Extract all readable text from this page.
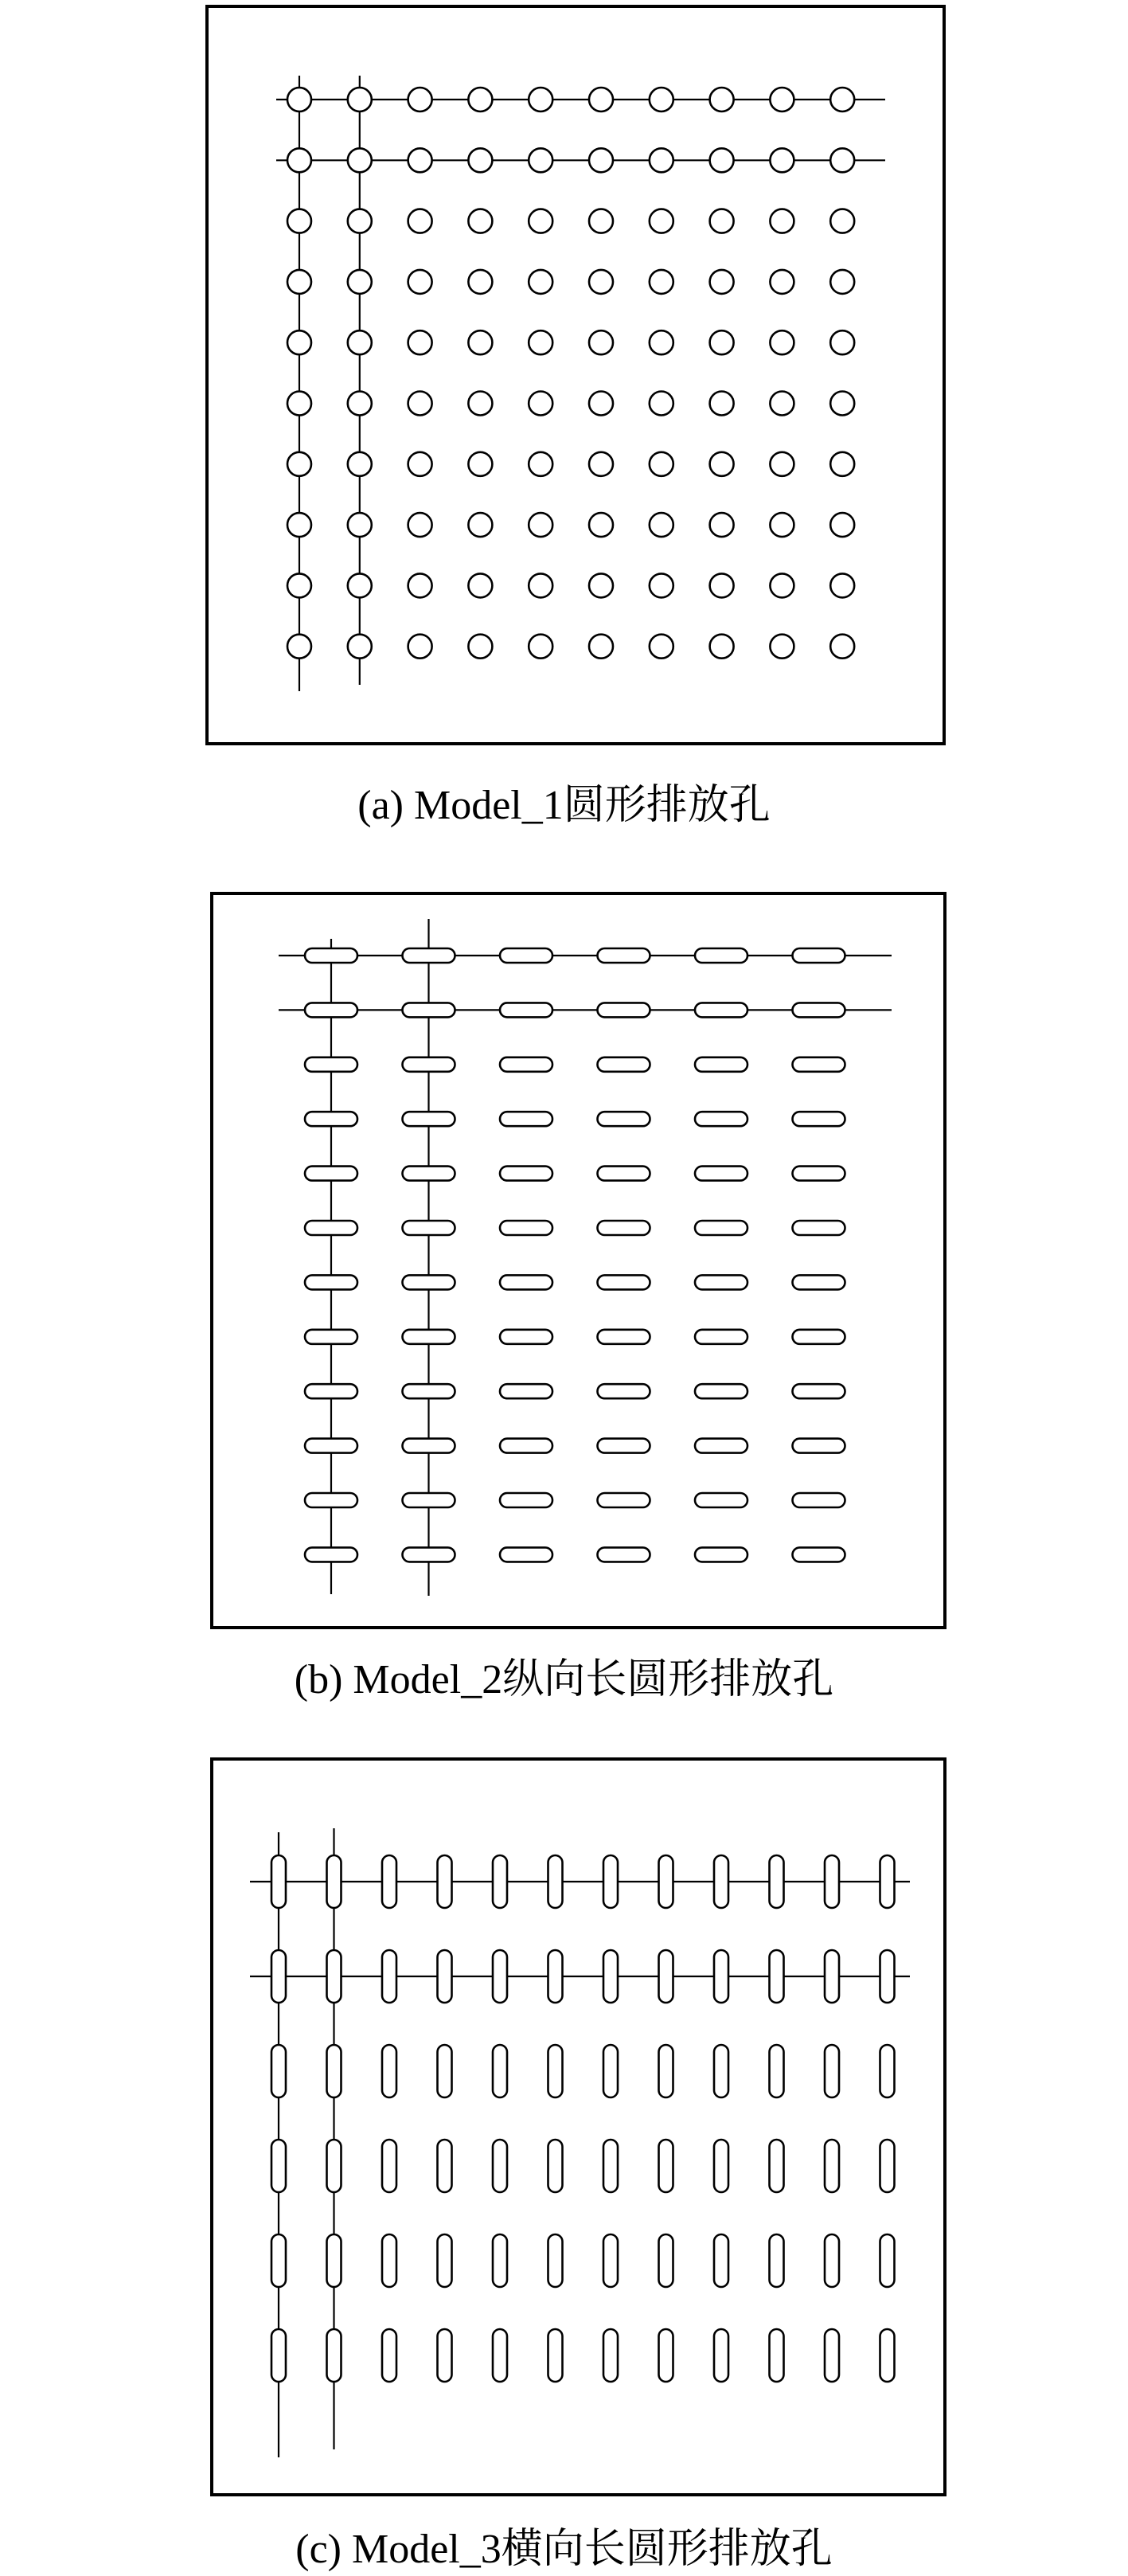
(a) Model_1圆形排放孔
(b) Model_2纵向长圆形排放孔
(c) Model_3横向长圆形排放孔
